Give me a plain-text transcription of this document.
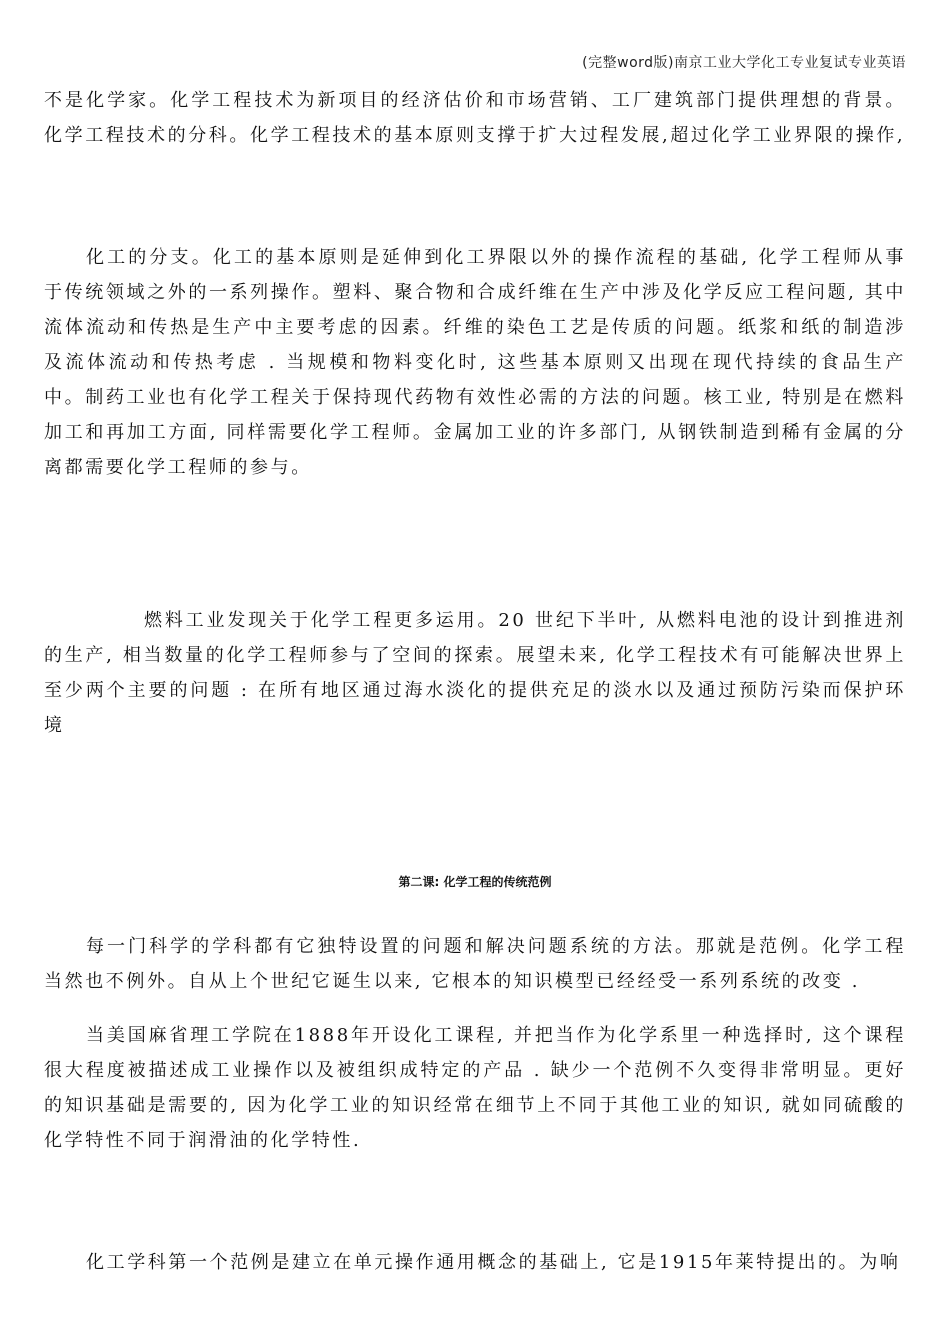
(完整word版)南京工业大学化工专业复试专业英语

不是化学家。化学工程技术为新项目的经济估价和市场营销、工厂建筑部门提供理想的背景。 化学工程技术的分科。化学工程技术的基本原则支撑于扩大过程发展,超过化学工业界限的操作,

化工的分支。化工的基本原则是延伸到化工界限以外的操作流程的基础, 化学工程师从事于传统领域之外的一系列操作。塑料、聚合物和合成纤维在生产中涉及化学反应工程问题, 其中流体流动和传热是生产中主要考虑的因素。纤维的染色工艺是传质的问题。纸浆和纸的制造涉及流体流动和传热考虑 . 当规模和物料变化时, 这些基本原则又出现在现代持续的食品生产中。制药工业也有化学工程关于保持现代药物有效性必需的方法的问题。核工业, 特别是在燃料加工和再加工方面, 同样需要化学工程师。金属加工业的许多部门, 从钢铁制造到稀有金属的分离都需要化学工程师的参与。

燃料工业发现关于化学工程更多运用。20 世纪下半叶, 从燃料电池的设计到推进剂的生产, 相当数量的化学工程师参与了空间的探索。展望未来, 化学工程技术有可能解决世界上至少两个主要的问题 : 在所有地区通过海水淡化的提供充足的淡水以及通过预防污染而保护环境

第二课: 化学工程的传统范例

每一门科学的学科都有它独特设置的问题和解决问题系统的方法。那就是范例。化学工程当然也不例外。自从上个世纪它诞生以来, 它根本的知识模型已经经受一系列系统的改变 .

当美国麻省理工学院在1888年开设化工课程, 并把当作为化学系里一种选择时, 这个课程很大程度被描述成工业操作以及被组织成特定的产品 . 缺少一个范例不久变得非常明显。更好的知识基础是需要的, 因为化学工业的知识经常在细节上不同于其他工业的知识, 就如同硫酸的化学特性不同于润滑油的化学特性.

化工学科第一个范例是建立在单元操作通用概念的基础上, 它是1915年莱特提出的。为响
